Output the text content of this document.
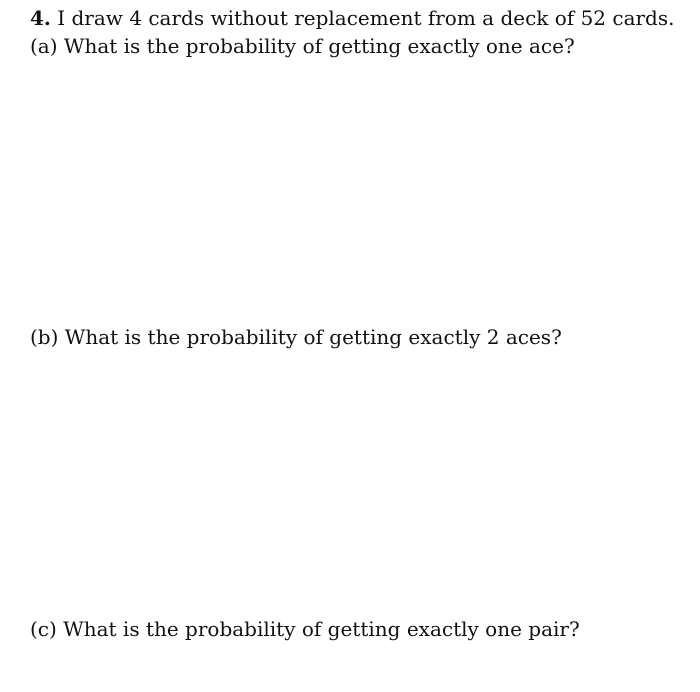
4. I draw 4 cards without replacement from a deck of 52 cards.

(a) What is the probability of getting exactly one ace?

(b) What is the probability of getting exactly 2 aces?

(c) What is the probability of getting exactly one pair?
